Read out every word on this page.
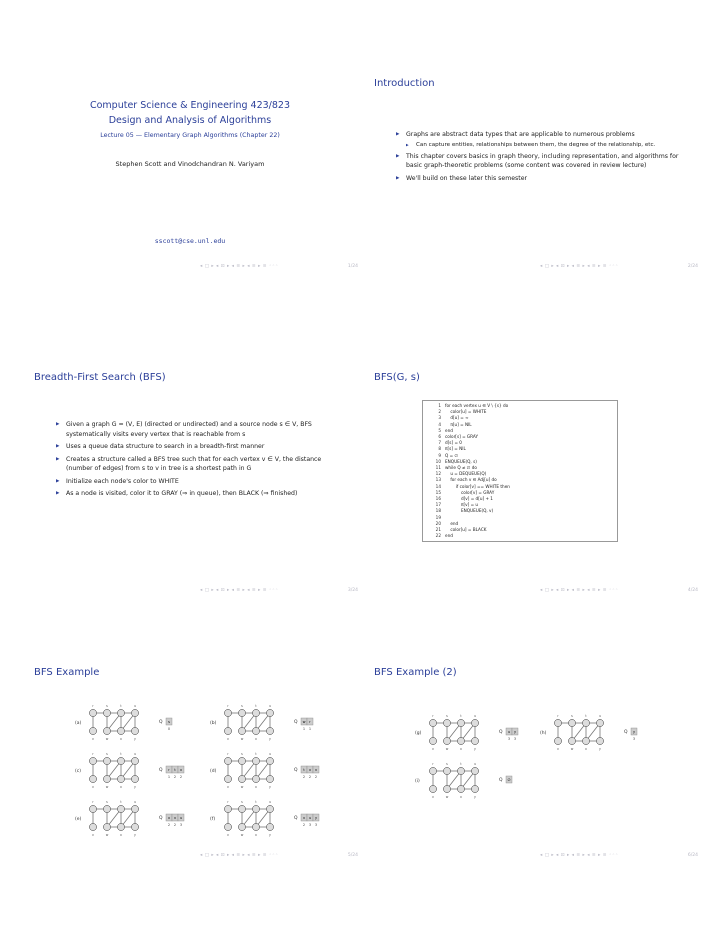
Computer Science & Engineering 423/823
Design and Analysis of Algorithms
Lecture 05 — Elementary Graph Algorithms (Chapter 22)
Stephen Scott and Vinodchandran N. Variyam
sscott@cse.unl.edu
◂ □ ▸ ◂ ⊡ ▸ ◂ ≡ ▸ ◂ ≡ ▸ ≡ ◦◦◦	1/24
Introduction
▶ Graphs are abstract data types that are applicable to numerous problems
▶ Can capture entities, relationships between them, the degree of the relationship, etc.
▶ This chapter covers basics in graph theory, including representation, and algorithms for basic graph-theoretic problems (some content was covered in review lecture)
▶ We'll build on these later this semester
◂ □ ▸ ◂ ⊡ ▸ ◂ ≡ ▸ ◂ ≡ ▸ ≡ ◦◦◦	2/24
Breadth-First Search (BFS)
▶ Given a graph G = (V, E) (directed or undirected) and a source node s ∈ V, BFS systematically visits every vertex that is reachable from s
▶ Uses a queue data structure to search in a breadth-first manner
▶ Creates a structure called a BFS tree such that for each vertex v ∈ V, the distance (number of edges) from s to v in tree is a shortest path in G
▶ Initialize each node's color to WHITE
▶ As a node is visited, color it to GRAY (⇒ in queue), then BLACK (⇒ finished)
◂ □ ▸ ◂ ⊡ ▸ ◂ ≡ ▸ ◂ ≡ ▸ ≡ ◦◦◦	3/24
BFS(G, s)
1 for each vertex u ∈ V \ {s} do
2 color[u] = WHITE
3 d[u] = ∞
4 π[u] = NIL
5 end
6 color[s] = GRAY
7 d[s] = 0
8 π[s] = NIL
9 Q = ∅
10 ENQUEUE(Q, s)
11 while Q ≠ ∅ do
12 u = DEQUEUE(Q)
13 for each v ∈ Adj[u] do
14 if color[v] == WHITE then
15 color[v] = GRAY
16 d[v] = d[u] + 1
17 π[v] = u
18 ENQUEUE(Q, v)
19
20 end
21 color[u] = BLACK
22 end
◂ □ ▸ ◂ ⊡ ▸ ◂ ≡ ▸ ◂ ≡ ▸ ≡ ◦◦◦	4/24
BFS Example
(a)
r	s	t	u
v	w	x	y
Q s
0
(b)
r	s	t	u
v	w	x	y
Q w r
1 1
(c)
r	s	t	u
v	w	x	y
Q r t x
1 2 2
(d)
r	s	t	u
v	w	x	y
Q t x v
2 2 2
(e)
r	s	t	u
v	w	x	y
Q x v u
2 2 3
(f)
r	s	t	u
v	w	x	y
Q v u y
2 3 3
◂ □ ▸ ◂ ⊡ ▸ ◂ ≡ ▸ ◂ ≡ ▸ ≡ ◦◦◦	5/24
BFS Example (2)
(g)
r	s	t	u
v	w	x	y
Q u y
3 3
(h)
r	s	t	u
v	w	x	y
Q y
3
(i)
r	s	t	u
v	w	x	y
Q ∅
◂ □ ▸ ◂ ⊡ ▸ ◂ ≡ ▸ ◂ ≡ ▸ ≡ ◦◦◦	6/24
